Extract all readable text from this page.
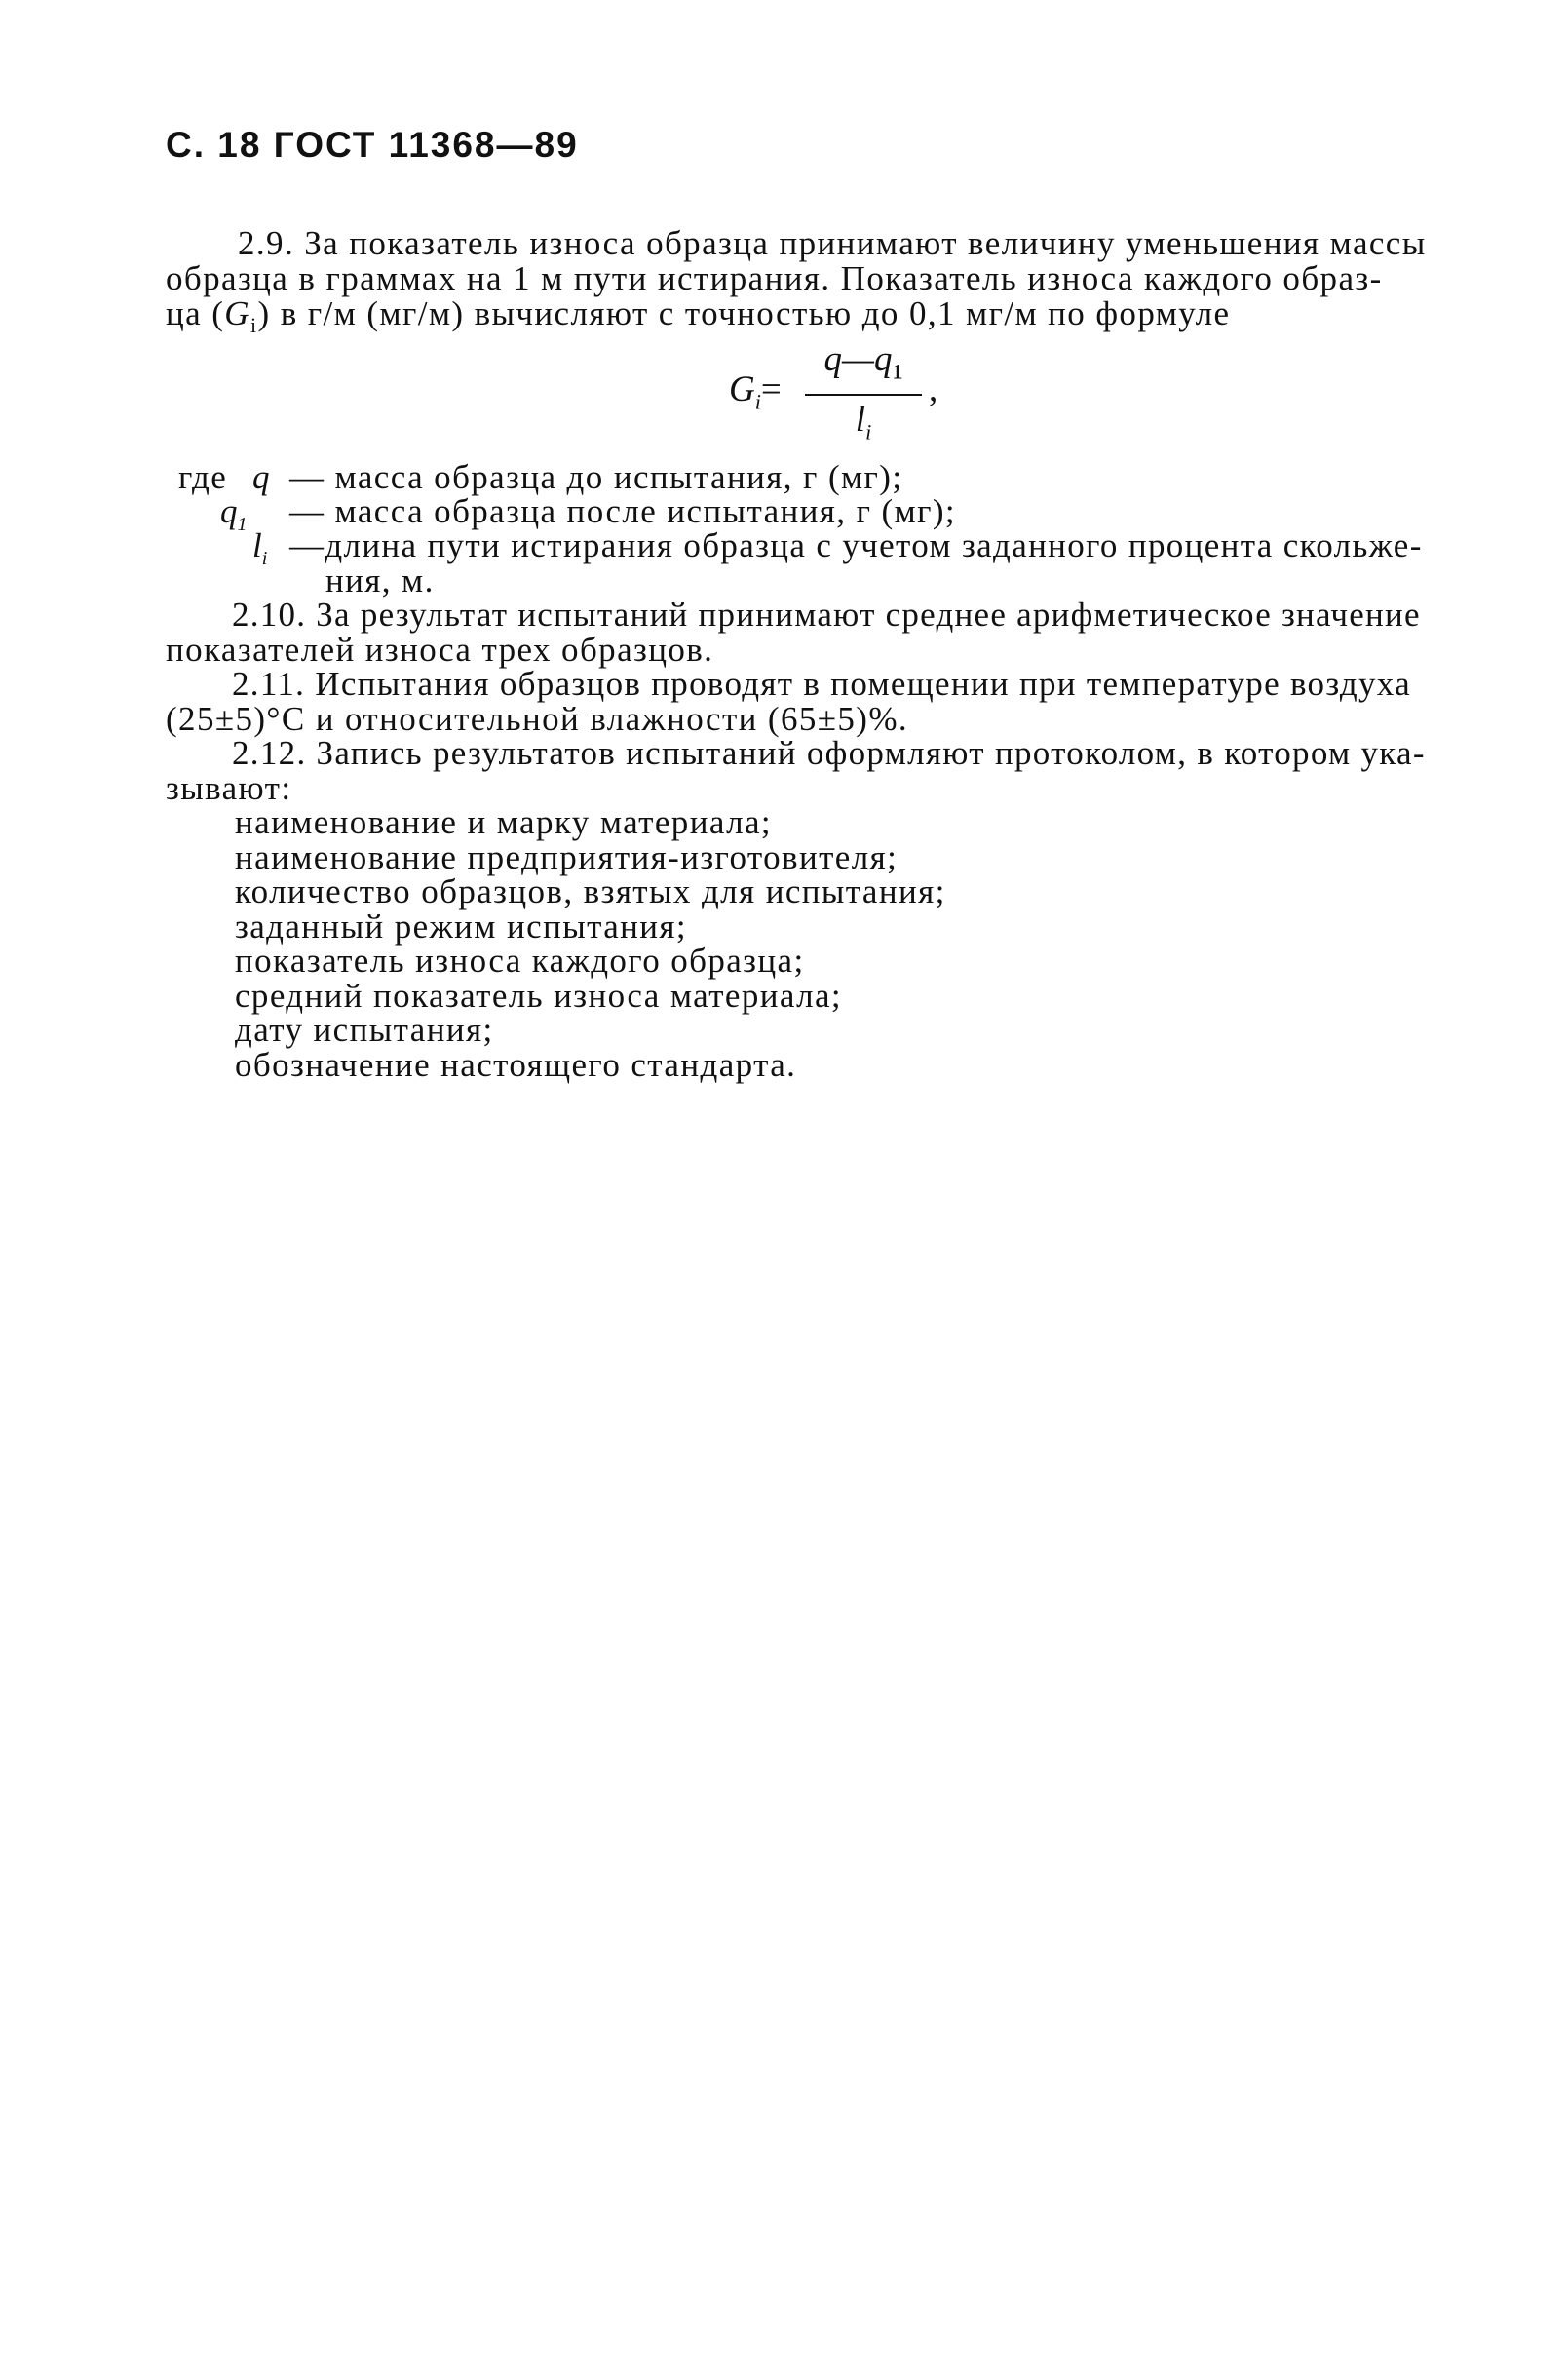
С. 18 ГОСТ 11368—89
2.9. За показатель износа образца принимают величину уменьшения массы
образца в граммах на 1 м пути истирания. Показатель износа каждого образ-
ца $(G_i)$ в г/м (мг/м) вычисляют с точностью до 0,1 мг/м по формуле
$G_i=$
$q—q_1$
$l_i$
,
где q — масса образца до испытания, г (мг);
$q_1$ — масса образца после испытания, г (мг);
$l_i$ —длина пути истирания образца с учетом заданного процента скольже-
ния, м.
2.10. За результат испытаний принимают среднее арифметическое значение
показателей износа трех образцов.
2.11. Испытания образцов проводят в помещении при температуре воздуха
(25±5)°С и относительной влажности (65±5)%.
2.12. Запись результатов испытаний оформляют протоколом, в котором ука-
зывают:
наименование и марку материала;
наименование предприятия-изготовителя;
количество образцов, взятых для испытания;
заданный режим испытания;
показатель износа каждого образца;
средний показатель износа материала;
дату испытания;
обозначение настоящего стандарта.
